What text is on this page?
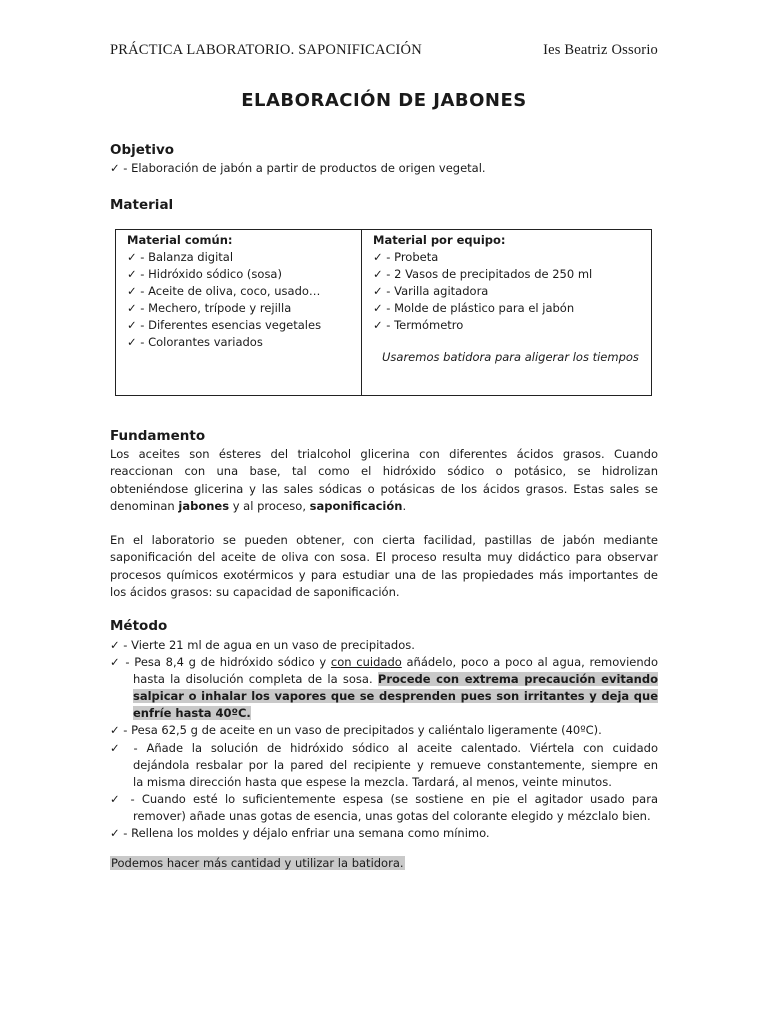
PRÁCTICA LABORATORIO. SAPONIFICACIÓN	Ies Beatriz Ossorio
ELABORACIÓN DE JABONES
Objetivo
✓ - Elaboración de jabón a partir de productos de origen vegetal.
Material
Material común:
✓ - Balanza digital
✓ - Hidróxido sódico (sosa)
✓ - Aceite de oliva, coco, usado…
✓ - Mechero, trípode y rejilla
✓ - Diferentes esencias vegetales
✓ - Colorantes variados
Material por equipo:
✓ - Probeta
✓ - 2 Vasos de precipitados de 250 ml
✓ - Varilla agitadora
✓ - Molde de plástico para el jabón
✓ - Termómetro
Usaremos batidora para aligerar los tiempos
Fundamento
Los aceites son ésteres del trialcohol glicerina con diferentes ácidos grasos. Cuando
reaccionan con una base, tal como el hidróxido sódico o potásico, se hidrolizan
obteniéndose glicerina y las sales sódicas o potásicas de los ácidos grasos. Estas sales se
denominan jabones y al proceso, saponificación.
En el laboratorio se pueden obtener, con cierta facilidad, pastillas de jabón mediante
saponificación del aceite de oliva con sosa. El proceso resulta muy didáctico para observar
procesos químicos exotérmicos y para estudiar una de las propiedades más importantes de
los ácidos grasos: su capacidad de saponificación.
Método
✓ - Vierte 21 ml de agua en un vaso de precipitados.
✓ - Pesa 8,4 g de hidróxido sódico y con cuidado añádelo, poco a poco al agua, removiendo
hasta la disolución completa de la sosa. Procede con extrema precaución evitando
salpicar o inhalar los vapores que se desprenden pues son irritantes y deja que
enfríe hasta 40ºC.
✓ - Pesa 62,5 g de aceite en un vaso de precipitados y caliéntalo ligeramente (40ºC).
✓ - Añade la solución de hidróxido sódico al aceite calentado. Viértela con cuidado
dejándola resbalar por la pared del recipiente y remueve constantemente, siempre en
la misma dirección hasta que espese la mezcla. Tardará, al menos, veinte minutos.
✓ - Cuando esté lo suficientemente espesa (se sostiene en pie el agitador usado para
remover) añade unas gotas de esencia, unas gotas del colorante elegido y mézclalo bien.
✓ - Rellena los moldes y déjalo enfriar una semana como mínimo.
Podemos hacer más cantidad y utilizar la batidora.
